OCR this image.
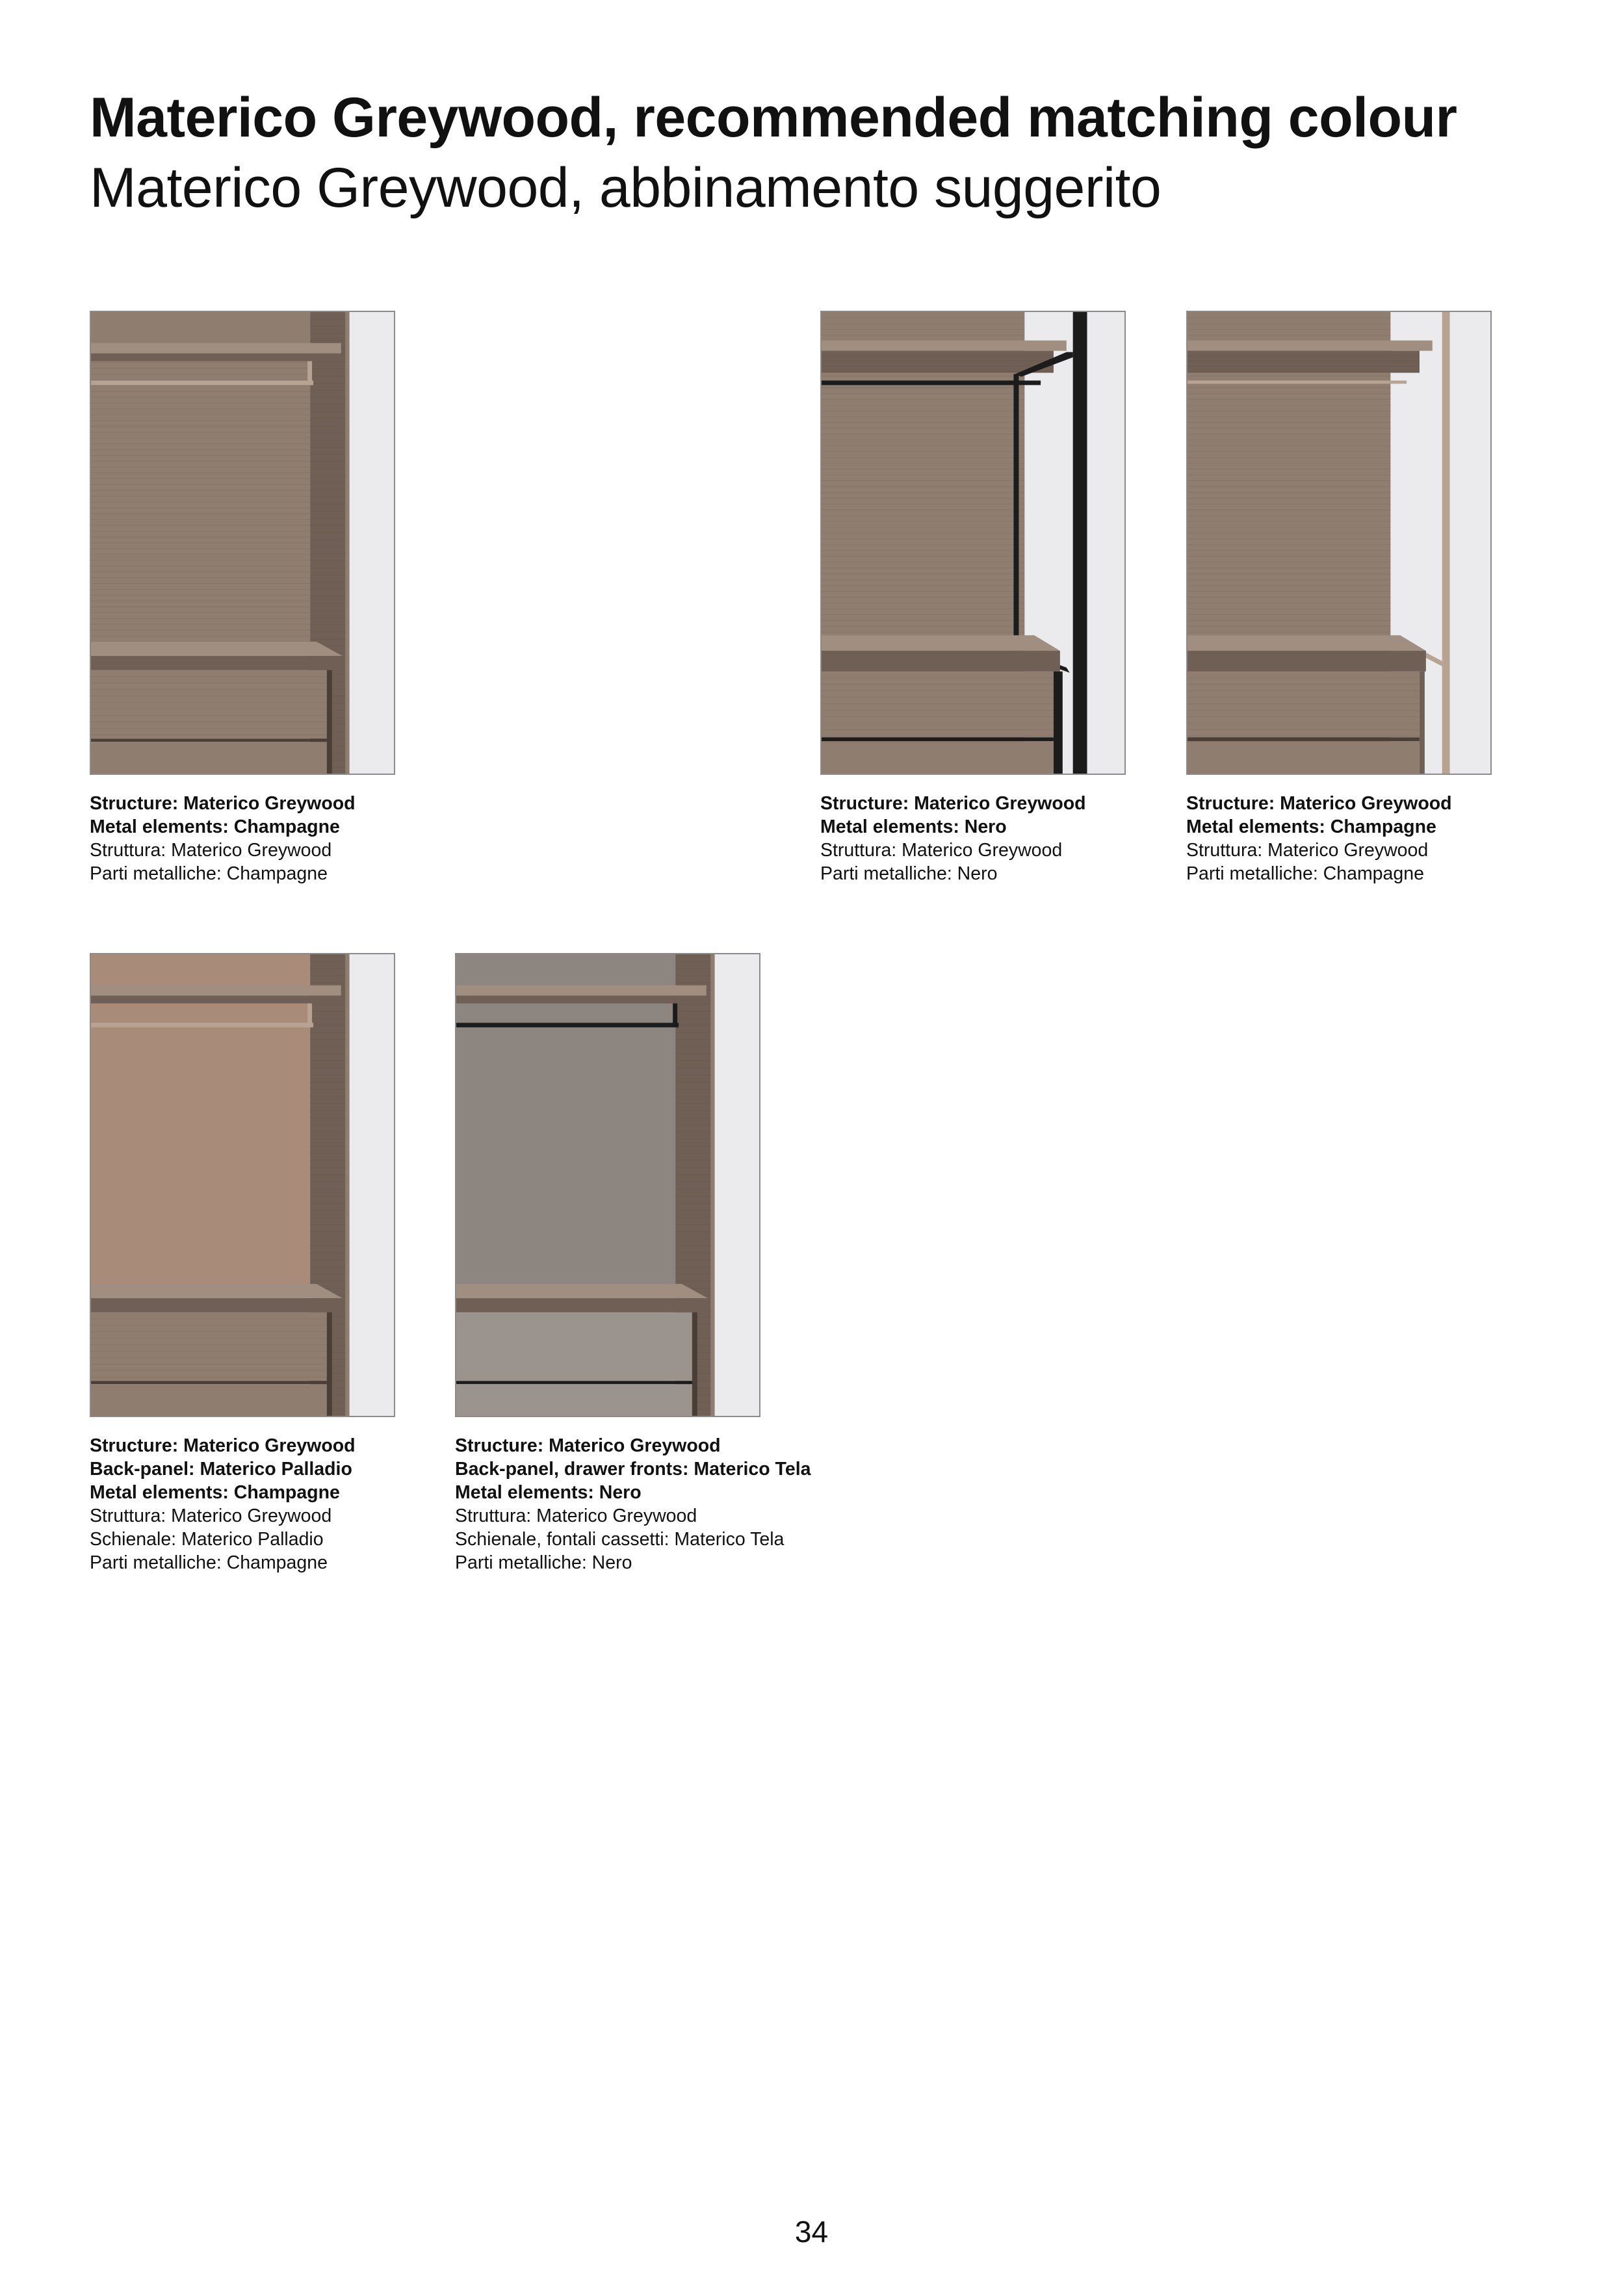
Materico Greywood, recommended matching colour
Materico Greywood, abbinamento suggerito
Structure: Materico Greywood
Metal elements: Champagne
Struttura: Materico Greywood
Parti metalliche: Champagne
Structure: Materico Greywood
Metal elements: Nero
Struttura: Materico Greywood
Parti metalliche: Nero
Structure: Materico Greywood
Metal elements: Champagne
Struttura: Materico Greywood
Parti metalliche: Champagne
Structure: Materico Greywood
Back-panel: Materico Palladio
Metal elements: Champagne
Struttura: Materico Greywood
Schienale: Materico Palladio
Parti metalliche: Champagne
Structure: Materico Greywood
Back-panel, drawer fronts: Materico Tela
Metal elements: Nero
Struttura: Materico Greywood
Schienale, fontali cassetti: Materico Tela
Parti metalliche: Nero
34
